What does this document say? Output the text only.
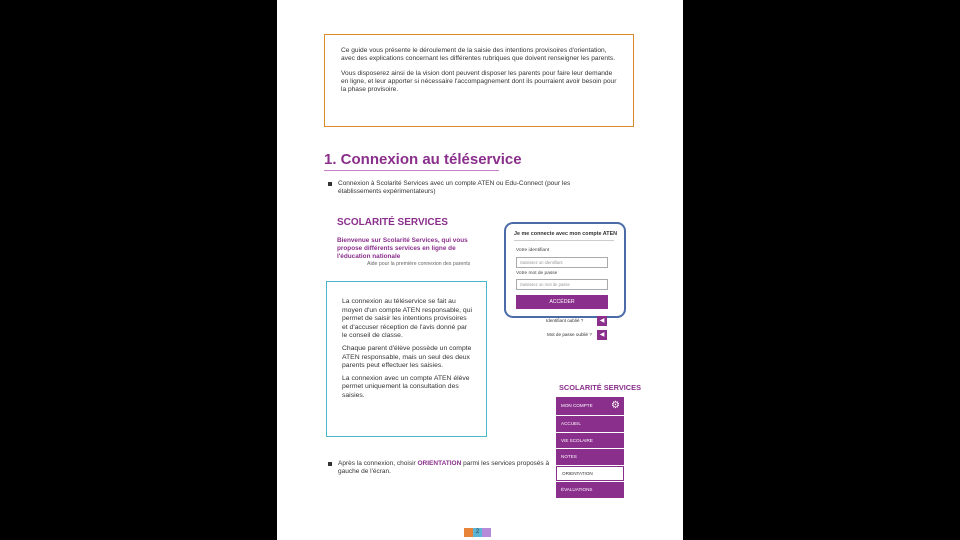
Ce guide vous présente le déroulement de la saisie des intentions provisoires d'orientation, avec des explications concernant les différentes rubriques que doivent renseigner les parents.

Vous disposerez ainsi de la vision dont peuvent disposer les parents pour faire leur demande en ligne, et leur apporter si nécessaire l'accompagnement dont ils pourraient avoir besoin pour la phase provisoire.

1. Connexion au téléservice
Connexion à Scolarité Services avec un compte ATEN ou Edu-Connect (pour les établissements expérimentateurs)
SCOLARITÉ SERVICES
Bienvenue sur Scolarité Services, qui vous propose différents services en ligne de l'éducation nationale
Aide pour la première connexion des parents
Je me connecte avec mon compte ATEN
Votre identifiant
Saisissez un identifiant
Votre mot de passe
Saisissez un mot de passe
ACCÉDER
Identifiant oublié ?	◀
Mot de passe oublié ?	◀

La connexion au téléservice se fait au moyen d'un compte ATEN responsable, qui permet de saisir les intentions provisoires et d'accuser réception de l'avis donné par le conseil de classe.

Chaque parent d'élève possède un compte ATEN responsable, mais un seul des deux parents peut effectuer les saisies.

La connexion avec un compte ATEN élève permet uniquement la consultation des saisies.

SCOLARITÉ SERVICES
MON COMPTE ⚙
ACCUEIL
VIE SCOLAIRE
NOTES
ORIENTATION
ÉVALUATIONS
Après la connexion, choisir ORIENTATION parmi les services proposés à gauche de l'écran.
2
